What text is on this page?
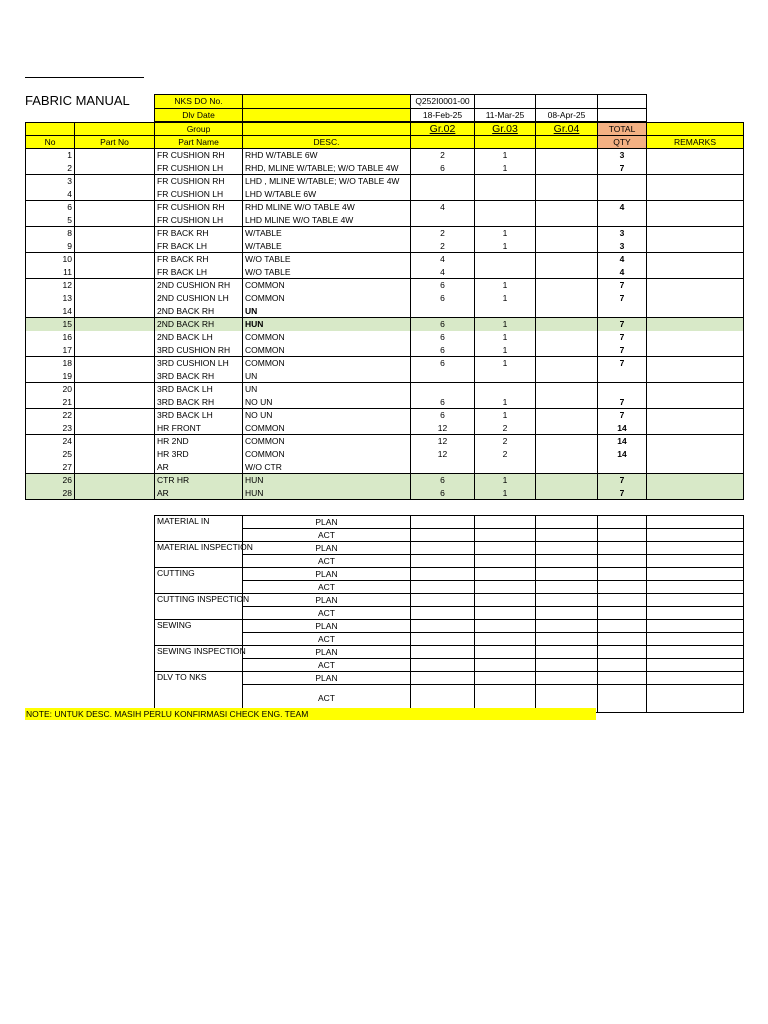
FABRIC MANUAL	NKS DO No.		Q252I0001-00			
Dlv Date		18-Feb-25	11-Mar-25	08-Apr-25	
		Group		Gr.02	Gr.03	Gr.04	TOTAL	
No	Part No	Part Name	DESC.				QTY	REMARKS
1		FR CUSHION RH	RHD W/TABLE 6W	2	1		3	
2		FR CUSHION LH	RHD, MLINE W/TABLE; W/O TABLE 4W	6	1		7	
3		FR CUSHION RH	LHD , MLINE W/TABLE; W/O TABLE 4W					
4		FR CUSHION LH	LHD W/TABLE 6W					
6		FR CUSHION RH	RHD MLINE W/O TABLE 4W	4			4	
5		FR CUSHION LH	LHD MLINE W/O TABLE 4W					
8		FR BACK RH	W/TABLE	2	1		3	
9		FR BACK LH	W/TABLE	2	1		3	
10		FR BACK RH	W/O TABLE	4			4	
11		FR BACK LH	W/O TABLE	4			4	
12		2ND CUSHION RH	COMMON	6	1		7	
13		2ND CUSHION LH	COMMON	6	1		7	
14		2ND BACK RH	UN					
15		2ND BACK RH	HUN	6	1		7	
16		2ND BACK LH	COMMON	6	1		7	
17		3RD CUSHION RH	COMMON	6	1		7	
18		3RD CUSHION LH	COMMON	6	1		7	
19		3RD BACK RH	UN					
20		3RD BACK LH	UN					
21		3RD BACK RH	NO UN	6	1		7	
22		3RD BACK LH	NO UN	6	1		7	
23		HR FRONT	COMMON	12	2		14	
24		HR 2ND	COMMON	12	2		14	
25		HR 3RD	COMMON	12	2		14	
27		AR	W/O CTR					
26		CTR HR	HUN	6	1		7	
28		AR	HUN	6	1		7	
MATERIAL IN	PLAN					
	ACT					
MATERIAL INSPECTION	PLAN					
	ACT					
CUTTING	PLAN					
	ACT					
CUTTING INSPECTION	PLAN					
	ACT					
SEWING	PLAN					
	ACT					
SEWING INSPECTION	PLAN					
	ACT					
DLV TO NKS	PLAN					
	ACT					
NOTE: UNTUK DESC. MASIH PERLU KONFIRMASI CHECK ENG. TEAM
